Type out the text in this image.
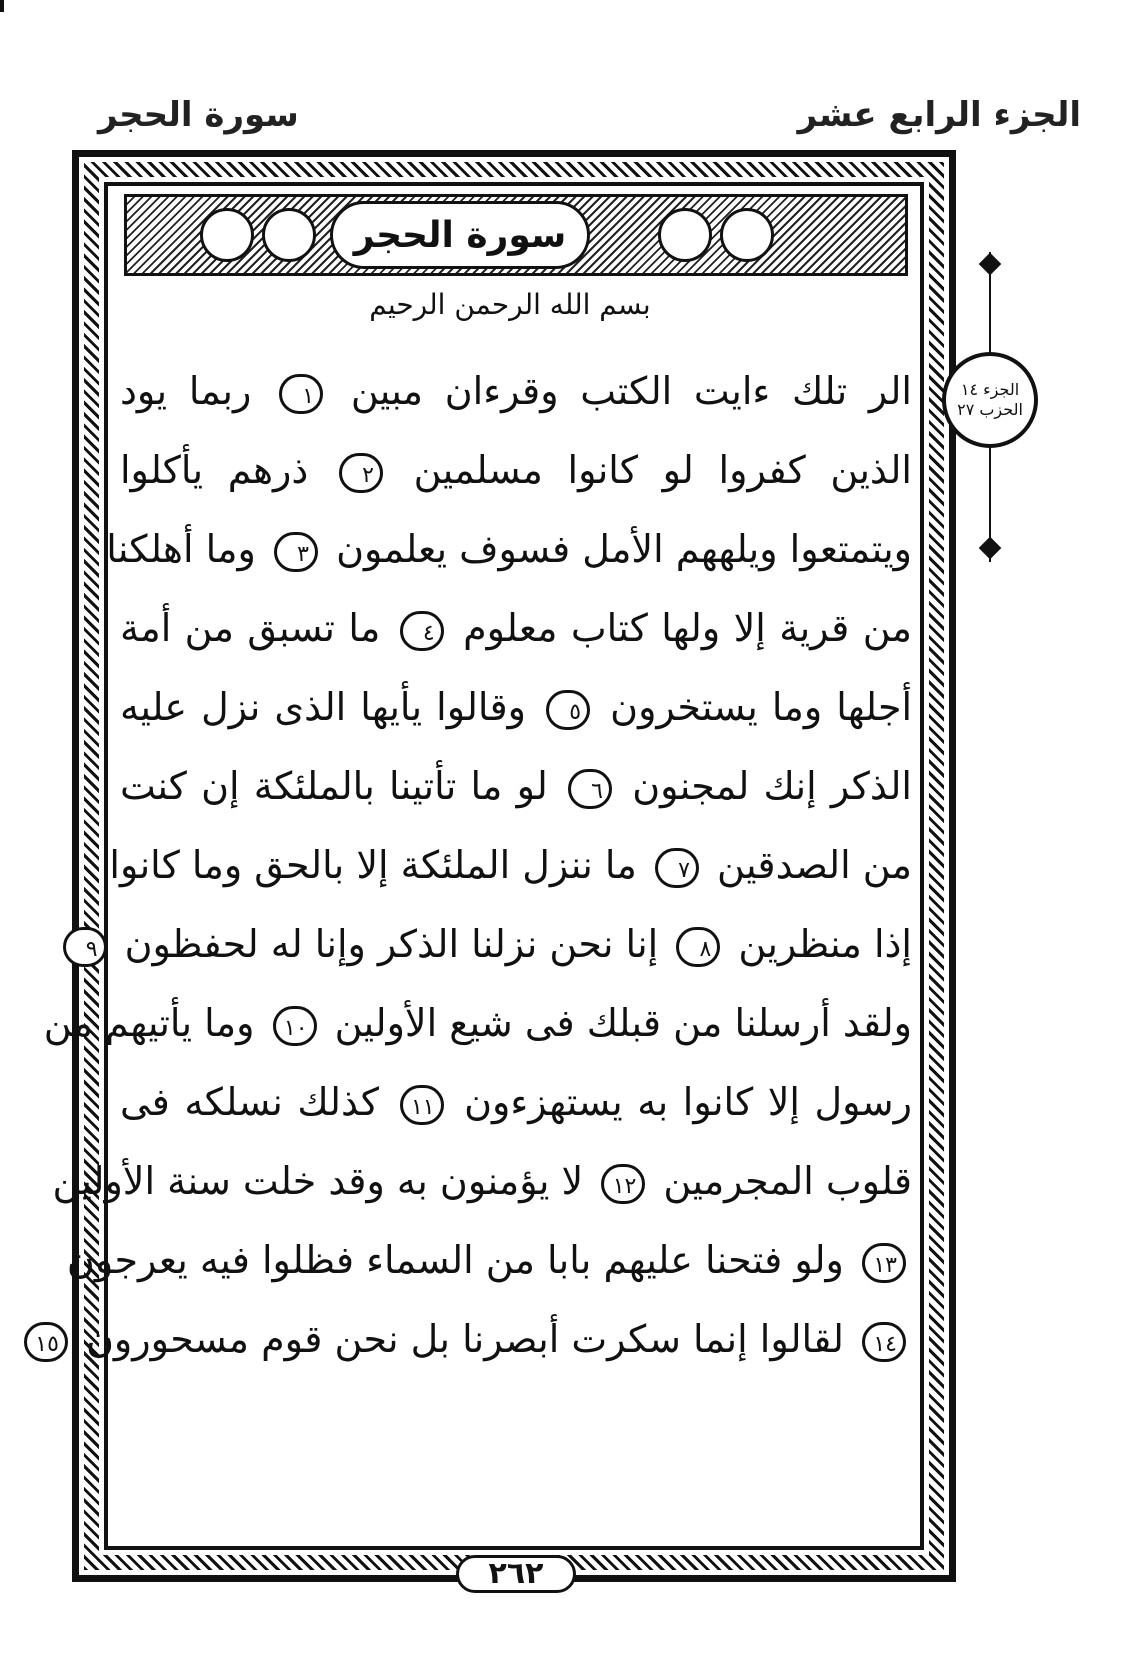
الجزء الرابع عشر
سورة الحجر
سورة الحجر
بسم الله الرحمن الرحيم
الر تلك ءايت الكتب وقرءان مبين ١ ربما يود
الذين كفروا لو كانوا مسلمين ٢ ذرهم يأكلوا
ويتمتعوا ويلههم الأمل فسوف يعلمون ٣ وما أهلكنا
من قرية إلا ولها كتاب معلوم ٤ ما تسبق من أمة
أجلها وما يستخرون ٥ وقالوا يأيها الذى نزل عليه
الذكر إنك لمجنون ٦ لو ما تأتينا بالملئكة إن كنت
من الصدقين ٧ ما ننزل الملئكة إلا بالحق وما كانوا
إذا منظرين ٨ إنا نحن نزلنا الذكر وإنا له لحفظون ٩
ولقد أرسلنا من قبلك فى شيع الأولين ١٠ وما يأتيهم من
رسول إلا كانوا به يستهزءون ١١ كذلك نسلكه فى
قلوب المجرمين ١٢ لا يؤمنون به وقد خلت سنة الأولين
١٣ ولو فتحنا عليهم بابا من السماء فظلوا فيه يعرجون
١٤ لقالوا إنما سكرت أبصرنا بل نحن قوم مسحورون ١٥
٢٦٢
الجزء ١٤
الحزب ٢٧
